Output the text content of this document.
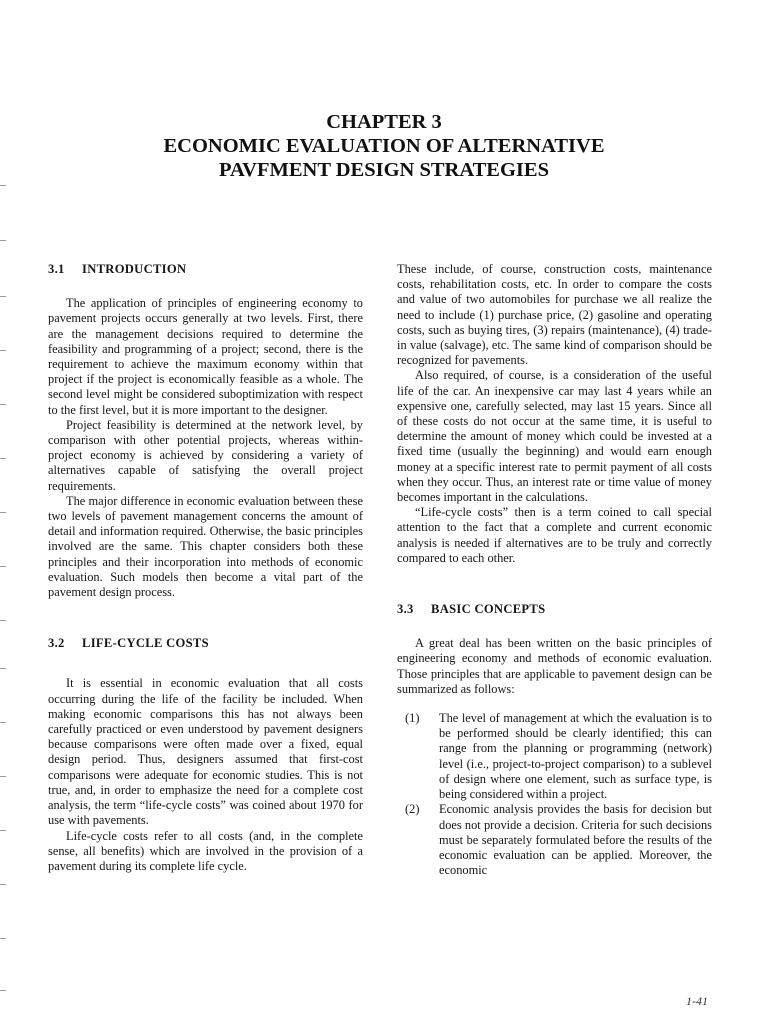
CHAPTER 3
ECONOMIC EVALUATION OF ALTERNATIVE
PAVFMENT DESIGN STRATEGIES
3.1 INTRODUCTION

The application of principles of engineering economy to pavement projects occurs generally at two levels. First, there are the management decisions required to determine the feasibility and programming of a project; second, there is the requirement to achieve the maximum economy within that project if the project is economically feasible as a whole. The second level might be considered suboptimization with respect to the first level, but it is more important to the designer.

Project feasibility is determined at the network level, by comparison with other potential projects, whereas within-project economy is achieved by considering a variety of alternatives capable of satisfying the overall project requirements.

The major difference in economic evaluation between these two levels of pavement management concerns the amount of detail and information required. Otherwise, the basic principles involved are the same. This chapter considers both these principles and their incorporation into methods of economic evaluation. Such models then become a vital part of the pavement design process.

3.2 LIFE-CYCLE COSTS

It is essential in economic evaluation that all costs occurring during the life of the facility be included. When making economic comparisons this has not always been carefully practiced or even understood by pavement designers because comparisons were often made over a fixed, equal design period. Thus, designers assumed that first-cost comparisons were adequate for economic studies. This is not true, and, in order to emphasize the need for a complete cost analysis, the term “life-cycle costs” was coined about 1970 for use with pavements.

Life-cycle costs refer to all costs (and, in the complete sense, all benefits) which are involved in the provision of a pavement during its complete life cycle.

These include, of course, construction costs, maintenance costs, rehabilitation costs, etc. In order to compare the costs and value of two automobiles for purchase we all realize the need to include (1) purchase price, (2) gasoline and operating costs, such as buying tires, (3) repairs (maintenance), (4) trade-in value (salvage), etc. The same kind of comparison should be recognized for pavements.

Also required, of course, is a consideration of the useful life of the car. An inexpensive car may last 4 years while an expensive one, carefully selected, may last 15 years. Since all of these costs do not occur at the same time, it is useful to determine the amount of money which could be invested at a fixed time (usually the beginning) and would earn enough money at a specific interest rate to permit payment of all costs when they occur. Thus, an interest rate or time value of money becomes important in the calculations.

“Life-cycle costs” then is a term coined to call special attention to the fact that a complete and current economic analysis is needed if alternatives are to be truly and correctly compared to each other.

3.3 BASIC CONCEPTS

A great deal has been written on the basic principles of engineering economy and methods of economic evaluation. Those principles that are applicable to pavement design can be summarized as follows:

(1) The level of management at which the evaluation is to be performed should be clearly identified; this can range from the planning or programming (network) level (i.e., project-to-project comparison) to a sublevel of design where one element, such as surface type, is being considered within a project.
(2) Economic analysis provides the basis for decision but does not provide a decision. Criteria for such decisions must be separately formulated before the results of the economic evaluation can be applied. Moreover, the economic
1-41
